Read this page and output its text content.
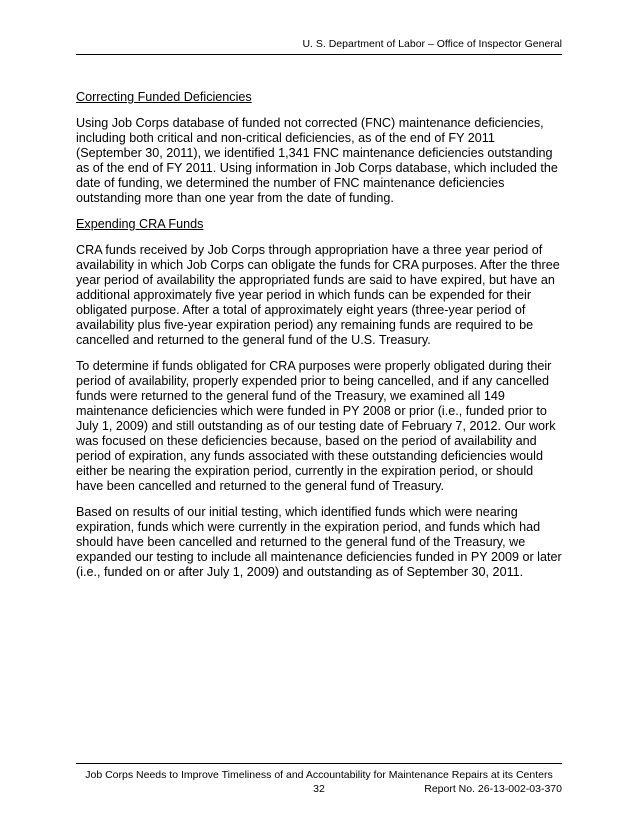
U. S. Department of Labor – Office of Inspector General
Correcting Funded Deficiencies

Using Job Corps database of funded not corrected (FNC) maintenance deficiencies, including both critical and non-critical deficiencies, as of the end of FY 2011 (September 30, 2011), we identified 1,341 FNC maintenance deficiencies outstanding as of the end of FY 2011. Using information in Job Corps database, which included the date of funding, we determined the number of FNC maintenance deficiencies outstanding more than one year from the date of funding.

Expending CRA Funds

CRA funds received by Job Corps through appropriation have a three year period of availability in which Job Corps can obligate the funds for CRA purposes. After the three year period of availability the appropriated funds are said to have expired, but have an additional approximately five year period in which funds can be expended for their obligated purpose. After a total of approximately eight years (three-year period of availability plus five-year expiration period) any remaining funds are required to be cancelled and returned to the general fund of the U.S. Treasury.

To determine if funds obligated for CRA purposes were properly obligated during their period of availability, properly expended prior to being cancelled, and if any cancelled funds were returned to the general fund of the Treasury, we examined all 149 maintenance deficiencies which were funded in PY 2008 or prior (i.e., funded prior to July 1, 2009) and still outstanding as of our testing date of February 7, 2012. Our work was focused on these deficiencies because, based on the period of availability and period of expiration, any funds associated with these outstanding deficiencies would either be nearing the expiration period, currently in the expiration period, or should have been cancelled and returned to the general fund of Treasury.

Based on results of our initial testing, which identified funds which were nearing expiration, funds which were currently in the expiration period, and funds which had should have been cancelled and returned to the general fund of the Treasury, we expanded our testing to include all maintenance deficiencies funded in PY 2009 or later (i.e., funded on or after July 1, 2009) and outstanding as of September 30, 2011.

Job Corps Needs to Improve Timeliness of and Accountability for Maintenance Repairs at its Centers
32	Report No. 26-13-002-03-370
